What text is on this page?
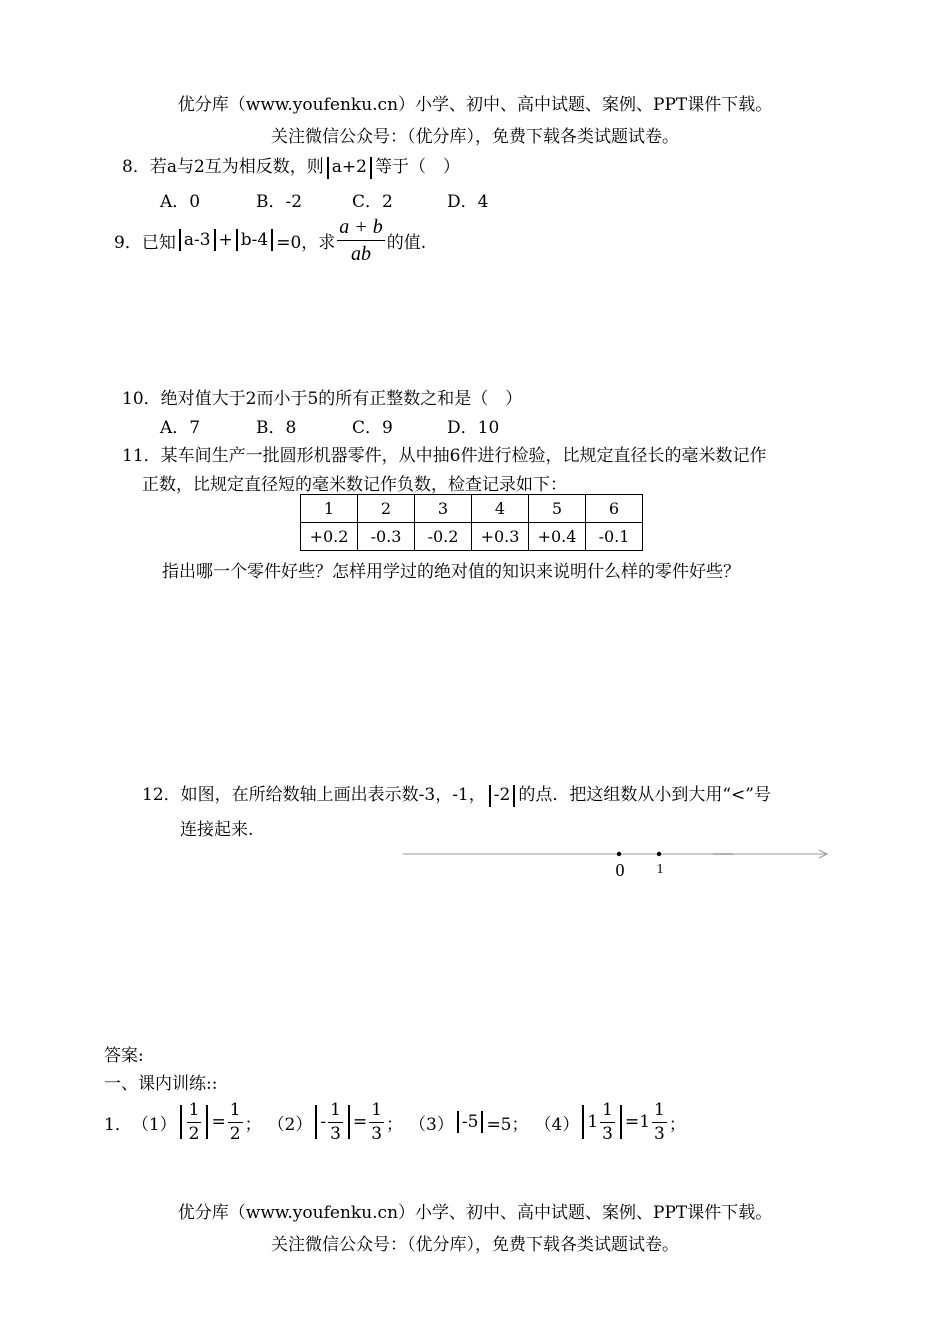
优分库（www.youfenku.cn）小学、初中、高中试题、案例、PPT课件下载。
关注微信公众号：（优分库），免费下载各类试题试卷。
8．若a与2互为相反数，则 a+2 等于（　）
A．0	B．-2	C．2	D．4
9．已知 a-3 + b-4 =0，求 $\frac{a + b}{ab}$ 的值.
10．绝对值大于2而小于5的所有正整数之和是（　）
A．7	B．8	C．9	D．10
11．某车间生产一批圆形机器零件，从中抽6件进行检验，比规定直径长的毫米数记作
正数，比规定直径短的毫米数记作负数，检查记录如下：
1	2	3	4	5	6
+0.2	-0.3	-0.2	+0.3	+0.4	-0.1
指出哪一个零件好些？怎样用学过的绝对值的知识来说明什么样的零件好些？
12．如图，在所给数轴上画出表示数-3，-1， -2 的点．把这组数从小到大用“<”号
连接起来.
0 1
答案:
一、课内训练::
1． $(1) \frac{1}{2} = \frac{1}{2}$ ； $(2) - \frac{1}{3} = \frac{1}{3}$ ； （3） -5 =5； （4） $1 \frac{1}{3} =1 \frac{1}{3}$ ；
优分库（www.youfenku.cn）小学、初中、高中试题、案例、PPT课件下载。
关注微信公众号：（优分库），免费下载各类试题试卷。
